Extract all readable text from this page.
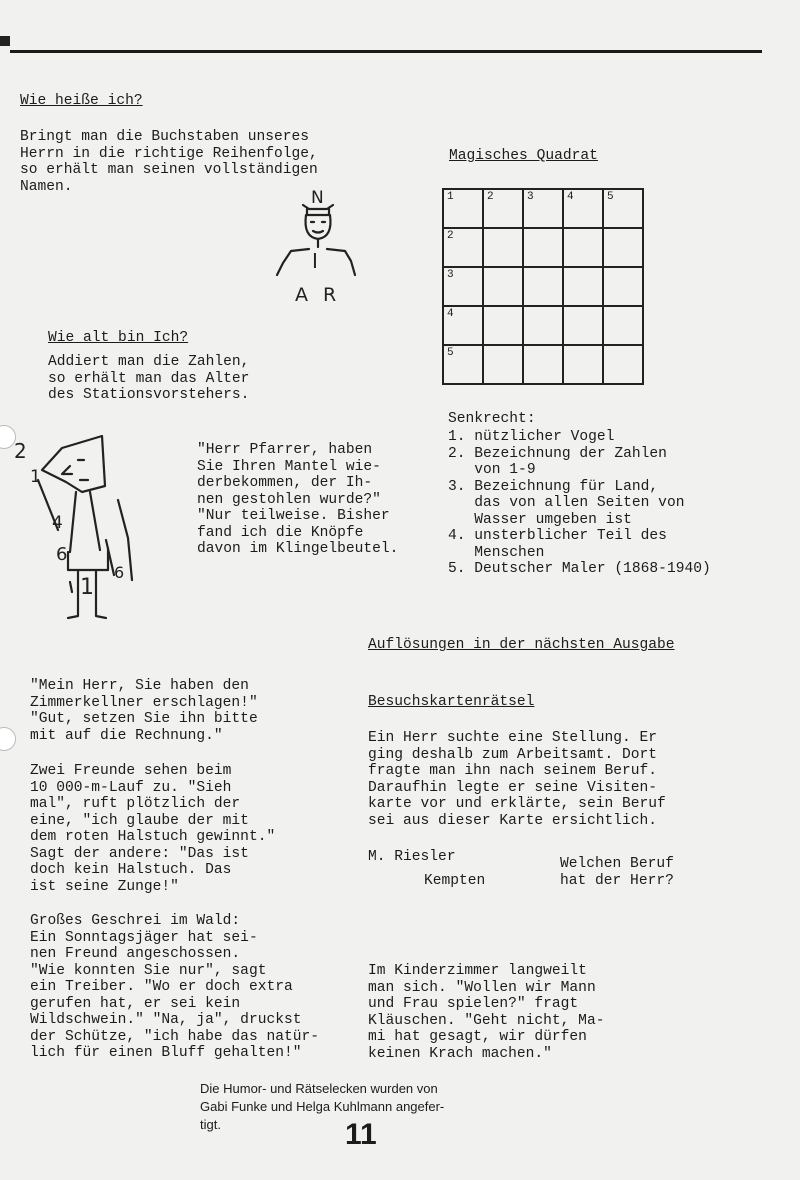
Wie heiße ich?
Bringt man die Buchstaben unseres
Herrn in die richtige Reihenfolge,
so erhält man seinen vollständigen
Namen.
N
I
A R
Wie alt bin Ich?
Addiert man die Zahlen,
so erhält man das Alter
des Stationsvorstehers.
2
1
4
6
6
1
Magisches Quadrat
1	2	3	4	5

2				

3				

4				

5				

Senkrecht:
1. nützlicher Vogel
2. Bezeichnung der Zahlen
von 1-9
3. Bezeichnung für Land,
das von allen Seiten von
Wasser umgeben ist
4. unsterblicher Teil des
Menschen
5. Deutscher Maler (1868-1940)
"Herr Pfarrer, haben
Sie Ihren Mantel wie-
derbekommen, der Ih-
nen gestohlen wurde?"
"Nur teilweise. Bisher
fand ich die Knöpfe
davon im Klingelbeutel.
Auflösungen in der nächsten Ausgabe
"Mein Herr, Sie haben den
Zimmerkellner erschlagen!"
"Gut, setzen Sie ihn bitte
mit auf die Rechnung."
Zwei Freunde sehen beim
10 000-m-Lauf zu. "Sieh
mal", ruft plötzlich der
eine, "ich glaube der mit
dem roten Halstuch gewinnt."
Sagt der andere: "Das ist
doch kein Halstuch. Das
ist seine Zunge!"
Großes Geschrei im Wald:
Ein Sonntagsjäger hat sei-
nen Freund angeschossen.
"Wie konnten Sie nur", sagt
ein Treiber. "Wo er doch extra
gerufen hat, er sei kein
Wildschwein." "Na, ja", druckst
der Schütze, "ich habe das natür-
lich für einen Bluff gehalten!"
Besuchskartenrätsel
Ein Herr suchte eine Stellung. Er
ging deshalb zum Arbeitsamt. Dort
fragte man ihn nach seinem Beruf.
Daraufhin legte er seine Visiten-
karte vor und erklärte, sein Beruf
sei aus dieser Karte ersichtlich.
M. Riesler
Kempten
Welchen Beruf
hat der Herr?
Im Kinderzimmer langweilt
man sich. "Wollen wir Mann
und Frau spielen?" fragt
Kläuschen. "Geht nicht, Ma-
mi hat gesagt, wir dürfen
keinen Krach machen."
Die Humor- und Rätselecken wurden von
Gabi Funke und Helga Kuhlmann angefer-
tigt.	11
